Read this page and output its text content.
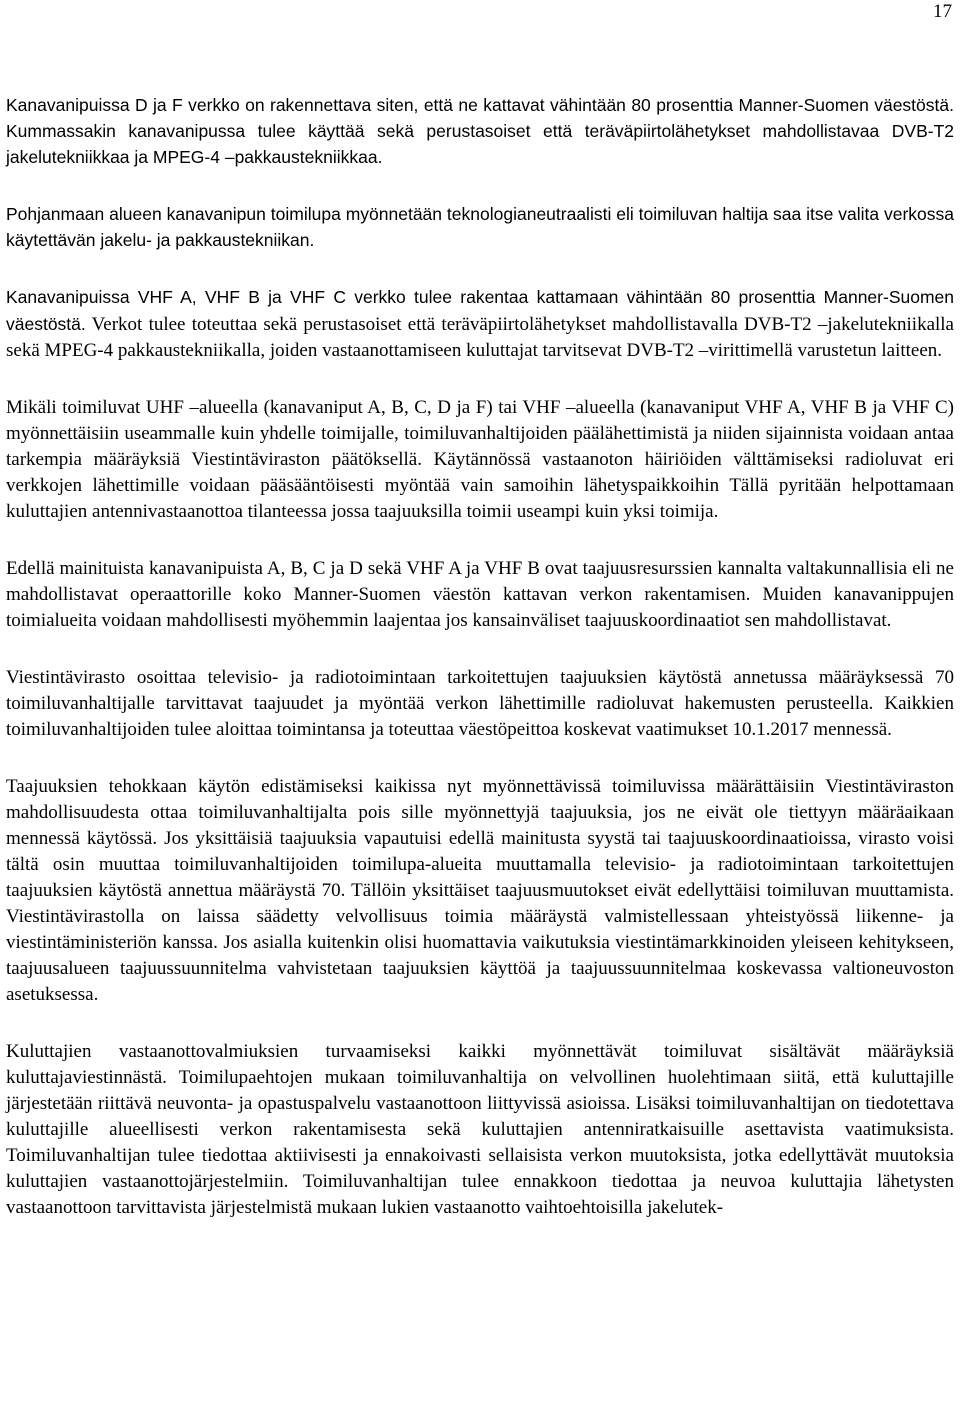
17

Kanavanipuissa D ja F verkko on rakennettava siten, että ne kattavat vähintään 80 prosenttia Manner-Suomen väestöstä. Kummassakin kanavanipussa tulee käyttää sekä perustasoiset että teräväpiirtolähetykset mahdollistavaa DVB-T2 jakelutekniikkaa ja MPEG-4 –pakkaustekniikkaa.

Pohjanmaan alueen kanavanipun toimilupa myönnetään teknologianeutraalisti eli toimiluvan haltija saa itse valita verkossa käytettävän jakelu- ja pakkaustekniikan.

Kanavanipuissa VHF A, VHF B ja VHF C verkko tulee rakentaa kattamaan vähintään 80 prosenttia Manner-Suomen väestöstä. Verkot tulee toteuttaa sekä perustasoiset että teräväpiirtolähetykset mahdollistavalla DVB-T2 –jakelutekniikalla sekä MPEG-4 pakkaustekniikalla, joiden vastaanottamiseen kuluttajat tarvitsevat DVB-T2 –virittimellä varustetun laitteen.

Mikäli toimiluvat UHF –alueella (kanavaniput A, B, C, D ja F) tai VHF –alueella (kanavaniput VHF A, VHF B ja VHF C) myönnettäisiin useammalle kuin yhdelle toimijalle, toimiluvanhaltijoiden päälähettimistä ja niiden sijainnista voidaan antaa tarkempia määräyksiä Viestintäviraston päätöksellä. Käytännössä vastaanoton häiriöiden välttämiseksi radioluvat eri verkkojen lähettimille voidaan pääsääntöisesti myöntää vain samoihin lähetyspaikkoihin Tällä pyritään helpottamaan kuluttajien antennivastaanottoa tilanteessa jossa taajuuksilla toimii useampi kuin yksi toimija.

Edellä mainituista kanavanipuista A, B, C ja D sekä VHF A ja VHF B ovat taajuusresurssien kannalta valtakunnallisia eli ne mahdollistavat operaattorille koko Manner-Suomen väestön kattavan verkon rakentamisen. Muiden kanavanippujen toimialueita voidaan mahdollisesti myöhemmin laajentaa jos kansainväliset taajuuskoordinaatiot sen mahdollistavat.

Viestintävirasto osoittaa televisio- ja radiotoimintaan tarkoitettujen taajuuksien käytöstä annetussa määräyksessä 70 toimiluvanhaltijalle tarvittavat taajuudet ja myöntää verkon lähettimille radioluvat hakemusten perusteella. Kaikkien toimiluvanhaltijoiden tulee aloittaa toimintansa ja toteuttaa väestöpeittoa koskevat vaatimukset 10.1.2017 mennessä.

Taajuuksien tehokkaan käytön edistämiseksi kaikissa nyt myönnettävissä toimiluvissa määrättäisiin Viestintäviraston mahdollisuudesta ottaa toimiluvanhaltijalta pois sille myönnettyjä taajuuksia, jos ne eivät ole tiettyyn määräaikaan mennessä käytössä. Jos yksittäisiä taajuuksia vapautuisi edellä mainitusta syystä tai taajuuskoordinaatioissa, virasto voisi tältä osin muuttaa toimiluvanhaltijoiden toimilupa-alueita muuttamalla televisio- ja radiotoimintaan tarkoitettujen taajuuksien käytöstä annettua määräystä 70. Tällöin yksittäiset taajuusmuutokset eivät edellyttäisi toimiluvan muuttamista. Viestintävirastolla on laissa säädetty velvollisuus toimia määräystä valmistellessaan yhteistyössä liikenne- ja viestintäministeriön kanssa. Jos asialla kuitenkin olisi huomattavia vaikutuksia viestintämarkkinoiden yleiseen kehitykseen, taajuusalueen taajuussuunnitelma vahvistetaan taajuuksien käyttöä ja taajuussuunnitelmaa koskevassa valtioneuvoston asetuksessa.

Kuluttajien vastaanottovalmiuksien turvaamiseksi kaikki myönnettävät toimiluvat sisältävät määräyksiä kuluttajaviestinnästä. Toimilupaehtojen mukaan toimiluvanhaltija on velvollinen huolehtimaan siitä, että kuluttajille järjestetään riittävä neuvonta- ja opastuspalvelu vastaanottoon liittyvissä asioissa. Lisäksi toimiluvanhaltijan on tiedotettava kuluttajille alueellisesti verkon rakentamisesta sekä kuluttajien antenniratkaisuille asettavista vaatimuksista. Toimiluvanhaltijan tulee tiedottaa aktiivisesti ja ennakoivasti sellaisista verkon muutoksista, jotka edellyttävät muutoksia kuluttajien vastaanottojärjestelmiin. Toimiluvanhaltijan tulee ennakkoon tiedottaa ja neuvoa kuluttajia lähetysten vastaanottoon tarvittavista järjestelmistä mukaan lukien vastaanotto vaihtoehtoisilla jakelutek-
